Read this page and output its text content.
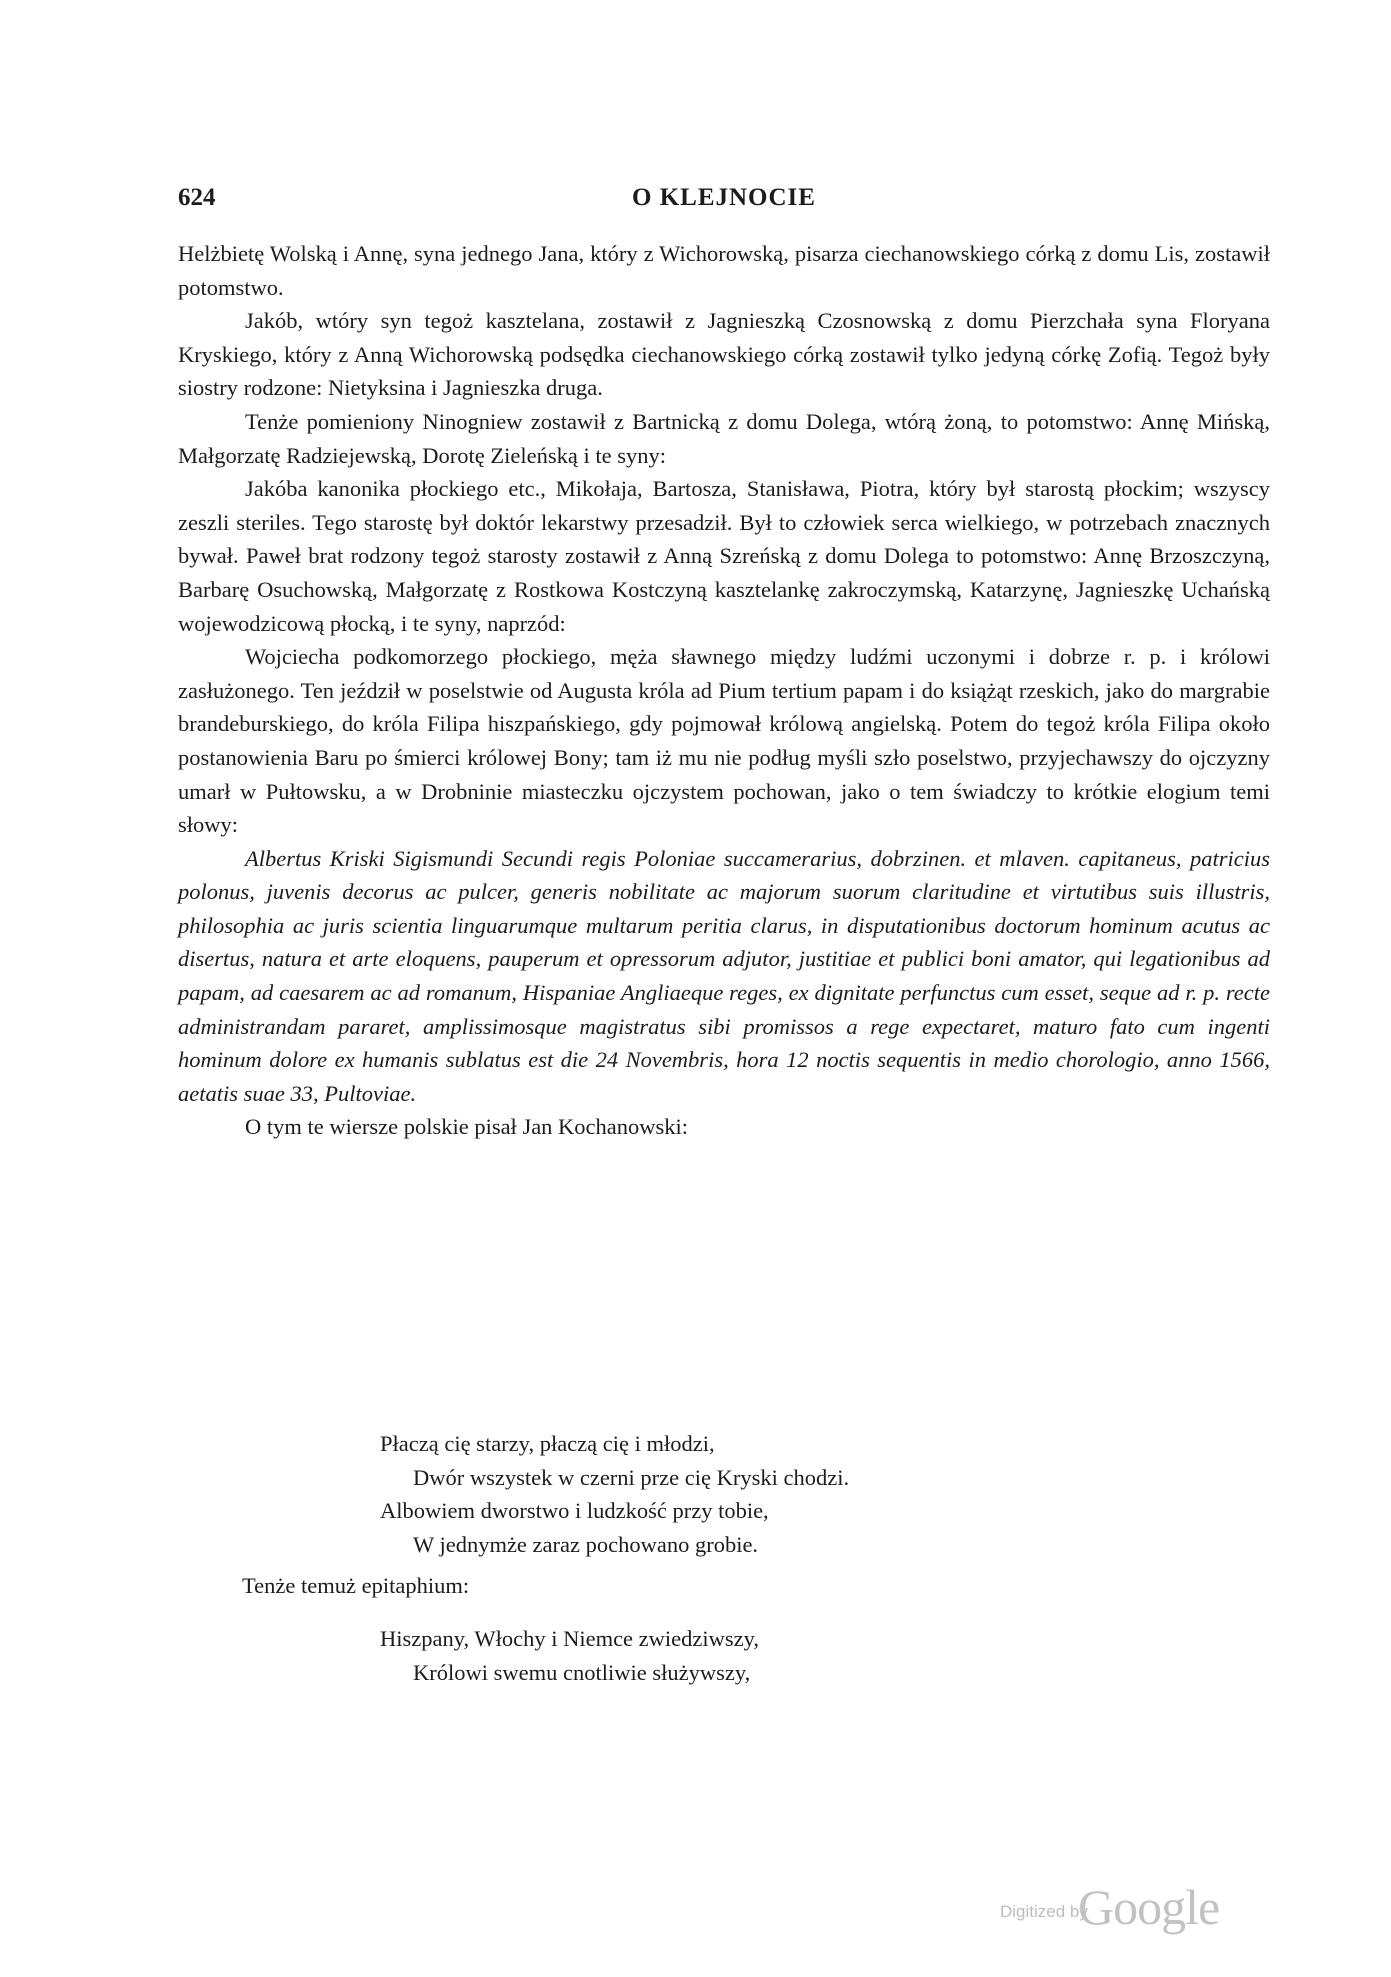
624	O KLEJNOCIE

Helżbietę Wolską i Annę, syna jednego Jana, który z Wichorowską, pisarza ciechanowskiego córką z domu Lis, zostawił potomstwo.

Jakób, wtóry syn tegoż kasztelana, zostawił z Jagnieszką Czosnowską z domu Pierzchała syna Floryana Kryskiego, który z Anną Wichorowską podsędka ciechanowskiego córką zostawił tylko jedyną córkę Zofią. Tegoż były siostry rodzone: Nietyksina i Jagnieszka druga.

Tenże pomieniony Ninogniew zostawił z Bartnicką z domu Dolega, wtórą żoną, to potomstwo: Annę Mińską, Małgorzatę Radziejewską, Dorotę Zieleńską i te syny:

Jakóba kanonika płockiego etc., Mikołaja, Bartosza, Stanisława, Piotra, który był starostą płockim; wszyscy zeszli steriles. Tego starostę był doktór lekarstwy przesadził. Był to człowiek serca wielkiego, w potrzebach znacznych bywał. Paweł brat rodzony tegoż starosty zostawił z Anną Szreńską z domu Dolega to potomstwo: Annę Brzoszczyną, Barbarę Osuchowską, Małgorzatę z Rostkowa Kostczyną kasztelankę zakroczymską, Katarzynę, Jagnieszkę Uchańską wojewodzicową płocką, i te syny, naprzód:

Wojciecha podkomorzego płockiego, męża sławnego między ludźmi uczonymi i dobrze r. p. i królowi zasłużonego. Ten jeździł w poselstwie od Augusta króla ad Pium tertium papam i do książąt rzeskich, jako do margrabie brandeburskiego, do króla Filipa hiszpańskiego, gdy pojmował królową angielską. Potem do tegoż króla Filipa około postanowienia Baru po śmierci królowej Bony; tam iż mu nie podług myśli szło poselstwo, przyjechawszy do ojczyzny umarł w Pułtowsku, a w Drobninie miasteczku ojczystem pochowan, jako o tem świadczy to krótkie elogium temi słowy:

Albertus Kriski Sigismundi Secundi regis Poloniae succamerarius, dobrzinen. et mlaven. capitaneus, patricius polonus, juvenis decorus ac pulcer, generis nobilitate ac majorum suorum claritudine et virtutibus suis illustris, philosophia ac juris scientia linguarumque multarum peritia clarus, in disputationibus doctorum hominum acutus ac disertus, natura et arte eloquens, pauperum et opressorum adjutor, justitiae et publici boni amator, qui legationibus ad papam, ad caesarem ac ad romanum, Hispaniae Angliaeque reges, ex dignitate perfunctus cum esset, seque ad r. p. recte administrandam pararet, amplissimosque magistratus sibi promissos a rege expectaret, maturo fato cum ingenti hominum dolore ex humanis sublatus est die 24 Novembris, hora 12 noctis sequentis in medio chorologio, anno 1566, aetatis suae 33, Pultoviae.

O tym te wiersze polskie pisał Jan Kochanowski:

Płaczą cię starzy, płaczą cię i młodzi,
Dwór wszystek w czerni prze cię Kryski chodzi.
Albowiem dworstwo i ludzkość przy tobie,
W jednymże zaraz pochowano grobie.
Tenże temuż epitaphium:
Hiszpany, Włochy i Niemce zwiedziwszy,
Królowi swemu cnotliwie służywszy,
Digitized by
Google
